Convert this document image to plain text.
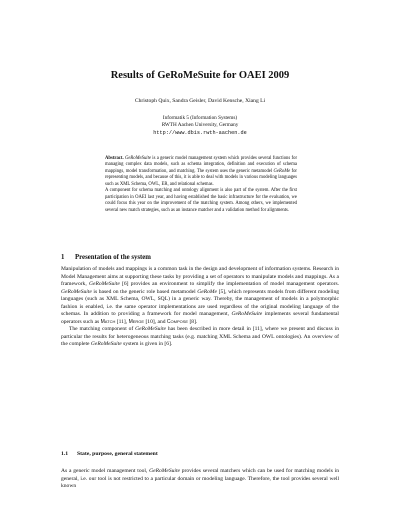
Results of GeRoMeSuite for OAEI 2009
Christoph Quix, Sandra Geisler, David Kensche, Xiang Li
Informatik 5 (Information Systems)
RWTH Aachen University, Germany
http://www.dbis.rwth-aachen.de

Abstract. GeRoMeSuite is a generic model management system which provides several functions for managing complex data models, such as schema integration, definition and execution of schema mappings, model transformation, and matching. The system uses the generic metamodel GeRoMe for representing models, and because of this, it is able to deal with models in various modeling languages such as XML Schema, OWL, ER, and relational schemas.

A component for schema matching and ontology alignment is also part of the system. After the first participation in OAEI last year, and having established the basic infrastructure for the evaluation, we could focus this year on the improvement of the matching system. Among others, we implemented several new match strategies, such as an instance matcher and a validation method for alignments.

1 Presentation of the system

Manipulation of models and mappings is a common task in the design and development of information systems. Research in Model Management aims at supporting these tasks by providing a set of operators to manipulate models and mappings. As a framework, GeRoMeSuite [6] provides an environment to simplify the implementation of model management operators. GeRoMeSuite is based on the generic role based metamodel GeRoMe [5], which represents models from different modeling languages (such as XML Schema, OWL, SQL) in a generic way. Thereby, the management of models in a polymorphic fashion is enabled, i.e. the same operator implementations are used regardless of the original modeling language of the schemas. In addition to providing a framework for model management, GeRoMeSuite implements several fundamental operators such as Match [11], Merge [10], and Compose [8].

The matching component of GeRoMeSuite has been described in more detail in [11], where we present and discuss in particular the results for heterogeneous matching tasks (e.g. matching XML Schema and OWL ontologies). An overview of the complete GeRoMeSuite system is given in [6].

1.1 State, purpose, general statement

As a generic model management tool, GeRoMeSuite provides several matchers which can be used for matching models in general, i.e. our tool is not restricted to a particular domain or modeling language. Therefore, the tool provides several well known
